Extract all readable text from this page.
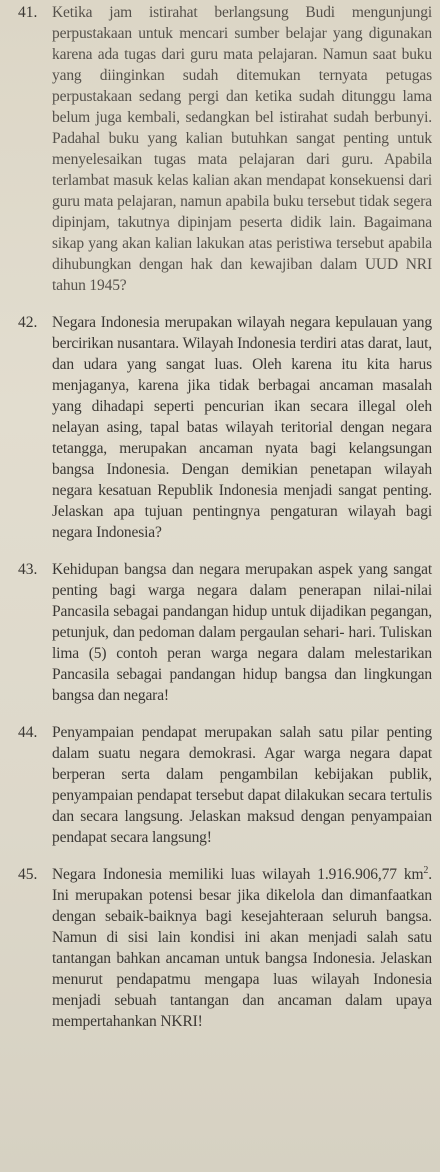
41. Ketika jam istirahat berlangsung Budi mengunjungi perpustakaan untuk mencari sumber belajar yang digunakan karena ada tugas dari guru mata pelajaran. Namun saat buku yang diinginkan sudah ditemukan ternyata petugas perpustakaan sedang pergi dan ketika sudah ditunggu lama belum juga kembali, sedangkan bel istirahat sudah berbunyi. Padahal buku yang kalian butuhkan sangat penting untuk menyelesaikan tugas mata pelajaran dari guru. Apabila terlambat masuk kelas kalian akan mendapat konsekuensi dari guru mata pelajaran, namun apabila buku tersebut tidak segera dipinjam, takutnya dipinjam peserta didik lain. Bagaimana sikap yang akan kalian lakukan atas peristiwa tersebut apabila dihubungkan dengan hak dan kewajiban dalam UUD NRI tahun 1945?
42. Negara Indonesia merupakan wilayah negara kepulauan yang bercirikan nusantara. Wilayah Indonesia terdiri atas darat, laut, dan udara yang sangat luas. Oleh karena itu kita harus menjaganya, karena jika tidak berbagai ancaman masalah yang dihadapi seperti pencurian ikan secara illegal oleh nelayan asing, tapal batas wilayah teritorial dengan negara tetangga, merupakan ancaman nyata bagi kelangsungan bangsa Indonesia. Dengan demikian penetapan wilayah negara kesatuan Republik Indonesia menjadi sangat penting. Jelaskan apa tujuan pentingnya pengaturan wilayah bagi negara Indonesia?
43. Kehidupan bangsa dan negara merupakan aspek yang sangat penting bagi warga negara dalam penerapan nilai-nilai Pancasila sebagai pandangan hidup untuk dijadikan pegangan, petunjuk, dan pedoman dalam pergaulan sehari- hari. Tuliskan lima (5) contoh peran warga negara dalam melestarikan Pancasila sebagai pandangan hidup bangsa dan lingkungan bangsa dan negara!
44. Penyampaian pendapat merupakan salah satu pilar penting dalam suatu negara demokrasi. Agar warga negara dapat berperan serta dalam pengambilan kebijakan publik, penyampaian pendapat tersebut dapat dilakukan secara tertulis dan secara langsung. Jelaskan maksud dengan penyampaian pendapat secara langsung!
45. Negara Indonesia memiliki luas wilayah 1.916.906,77 $km^2$. Ini merupakan potensi besar jika dikelola dan dimanfaatkan dengan sebaik-baiknya bagi kesejahteraan seluruh bangsa. Namun di sisi lain kondisi ini akan menjadi salah satu tantangan bahkan ancaman untuk bangsa Indonesia. Jelaskan menurut pendapatmu mengapa luas wilayah Indonesia menjadi sebuah tantangan dan ancaman dalam upaya mempertahankan NKRI!
